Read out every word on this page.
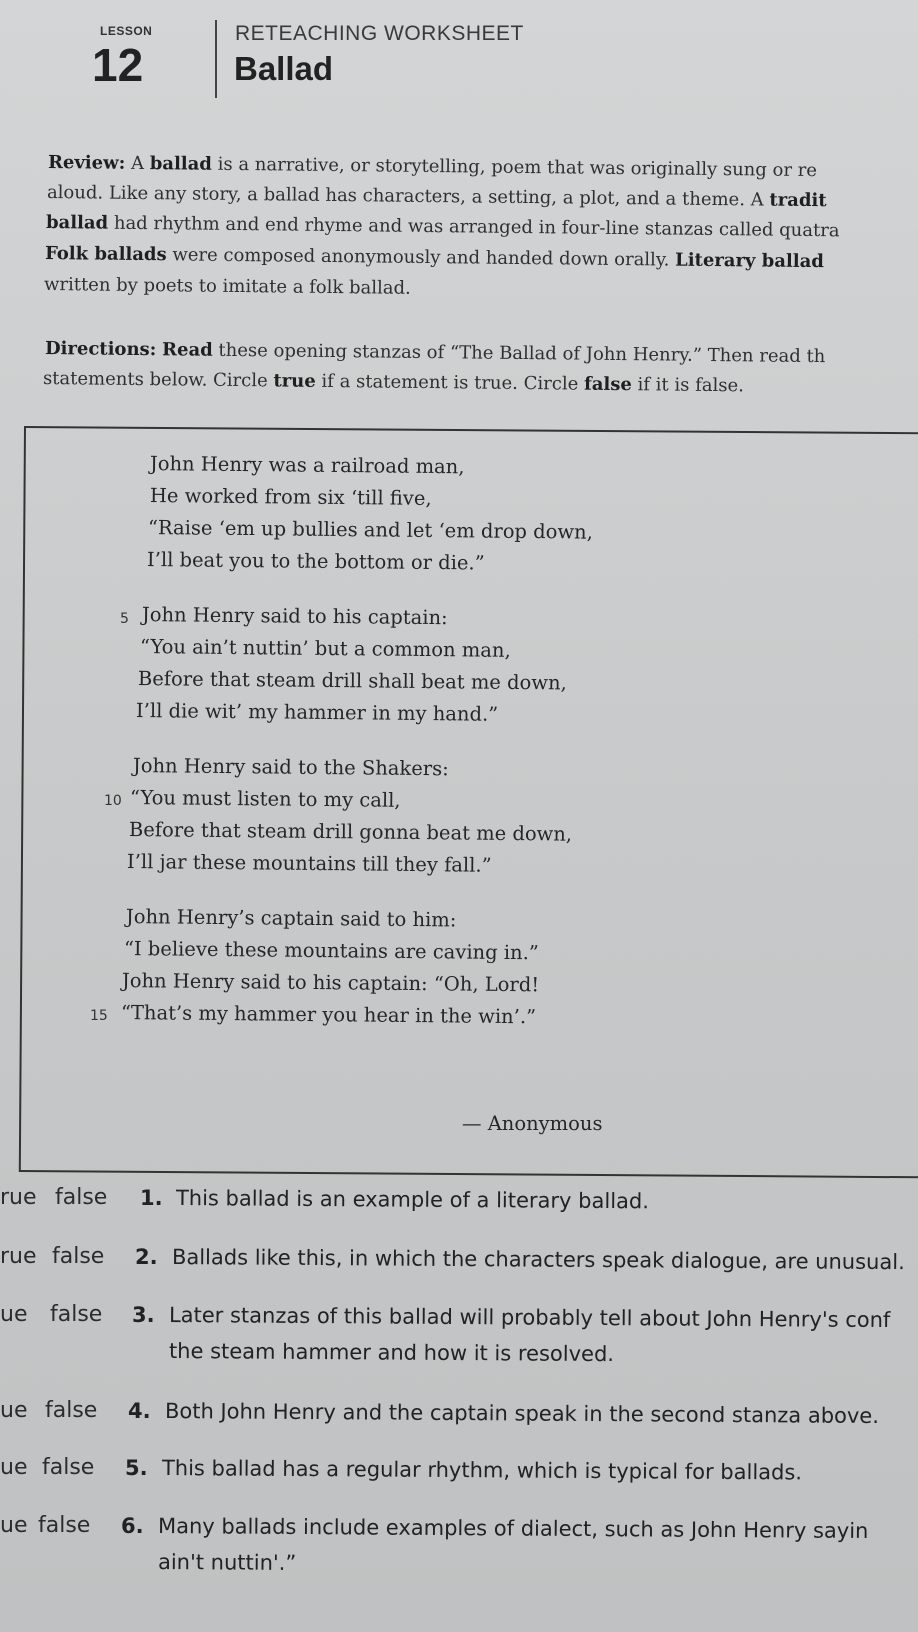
LESSON
12
RETEACHING WORKSHEET
Ballad
Review: A ballad is a narrative, or storytelling, poem that was originally sung or re
aloud. Like any story, a ballad has characters, a setting, a plot, and a theme. A tradit
ballad had rhythm and end rhyme and was arranged in four-line stanzas called quatra
Folk ballads were composed anonymously and handed down orally. Literary ballad
written by poets to imitate a folk ballad.
Directions: Read these opening stanzas of “The Ballad of John Henry.” Then read th
statements below. Circle true if a statement is true. Circle false if it is false.
John Henry was a railroad man,
He worked from six ‘till five,
“Raise ‘em up bullies and let ‘em drop down,
I’ll beat you to the bottom or die.”
John Henry said to his captain:
“You ain’t nuttin’ but a common man,
Before that steam drill shall beat me down,
I’ll die wit’ my hammer in my hand.”
John Henry said to the Shakers:
“You must listen to my call,
Before that steam drill gonna beat me down,
I’ll jar these mountains till they fall.”
John Henry’s captain said to him:
“I believe these mountains are caving in.”
John Henry said to his captain: “Oh, Lord!
“That’s my hammer you hear in the win’.”
5
10
15
— Anonymous
rue false 1. This ballad is an example of a literary ballad.
rue false 2. Ballads like this, in which the characters speak dialogue, are unusual.
ue false 3. Later stanzas of this ballad will probably tell about John Henry's conf
the steam hammer and how it is resolved.
ue false 4. Both John Henry and the captain speak in the second stanza above.
ue false 5. This ballad has a regular rhythm, which is typical for ballads.
ue false 6. Many ballads include examples of dialect, such as John Henry sayin
ain't nuttin'.”
